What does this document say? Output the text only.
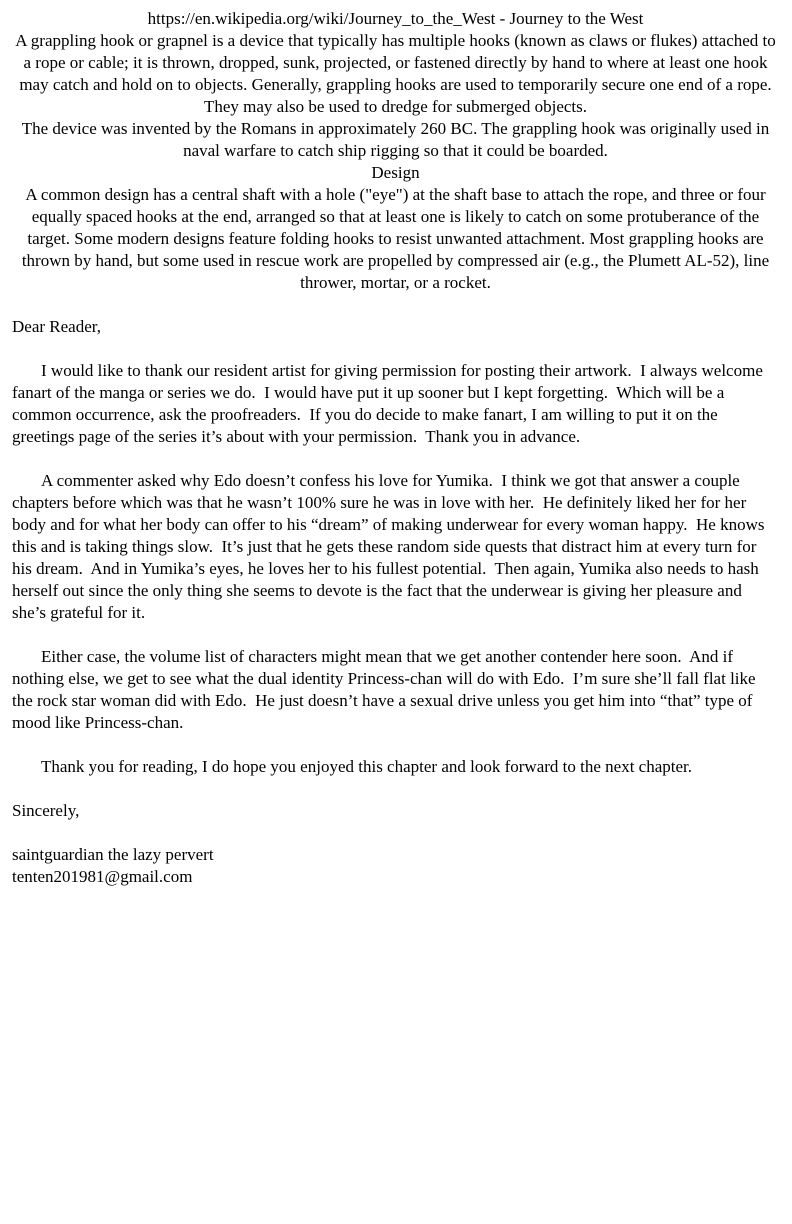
https://en.wikipedia.org/wiki/Journey_to_the_West - Journey to the West
A grappling hook or grapnel is a device that typically has multiple hooks (known as claws or flukes) attached to a rope or cable; it is thrown, dropped, sunk, projected, or fastened directly by hand to where at least one hook may catch and hold on to objects. Generally, grappling hooks are used to temporarily secure one end of a rope. They may also be used to dredge for submerged objects.
The device was invented by the Romans in approximately 260 BC. The grappling hook was originally used in naval warfare to catch ship rigging so that it could be boarded.
Design
A common design has a central shaft with a hole ("eye") at the shaft base to attach the rope, and three or four equally spaced hooks at the end, arranged so that at least one is likely to catch on some protuberance of the target. Some modern designs feature folding hooks to resist unwanted attachment. Most grappling hooks are thrown by hand, but some used in rescue work are propelled by compressed air (e.g., the Plumett AL-52), line thrower, mortar, or a rocket.

Dear Reader,

I would like to thank our resident artist for giving permission for posting their artwork.  I always welcome fanart of the manga or series we do.  I would have put it up sooner but I kept forgetting.  Which will be a common occurrence, ask the proofreaders.  If you do decide to make fanart, I am willing to put it on the greetings page of the series it’s about with your permission.  Thank you in advance.

A commenter asked why Edo doesn’t confess his love for Yumika.  I think we got that answer a couple chapters before which was that he wasn’t 100% sure he was in love with her.  He definitely liked her for her body and for what her body can offer to his “dream” of making underwear for every woman happy.  He knows this and is taking things slow.  It’s just that he gets these random side quests that distract him at every turn for his dream.  And in Yumika’s eyes, he loves her to his fullest potential.  Then again, Yumika also needs to hash herself out since the only thing she seems to devote is the fact that the underwear is giving her pleasure and she’s grateful for it.

Either case, the volume list of characters might mean that we get another contender here soon.  And if nothing else, we get to see what the dual identity Princess-chan will do with Edo.  I’m sure she’ll fall flat like the rock star woman did with Edo.  He just doesn’t have a sexual drive unless you get him into “that” type of mood like Princess-chan.

Thank you for reading, I do hope you enjoyed this chapter and look forward to the next chapter.

Sincerely,

saintguardian the lazy pervert
tenten201981@gmail.com
